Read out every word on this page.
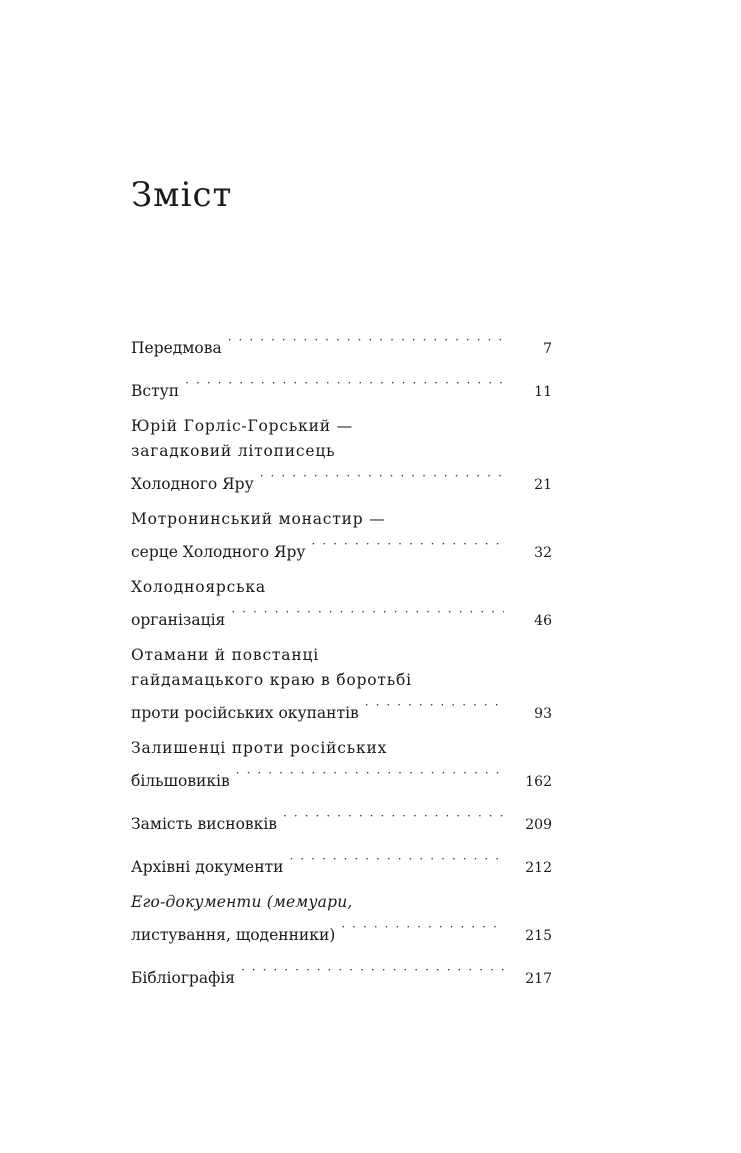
Зміст
Передмова · · ·	7
Вступ · · ·	11
Юрій Горліс-Горський —
загадковий літописець
Холодного Яру · · ·	21
Мотронинський монастир —
серце Холодного Яру · · ·	32
Холодноярська
організація · · ·	46
Отамани й повстанці
гайдамацького краю в боротьбі
проти російських окупантів · · ·	93
Залишенці проти російських
більшовиків · · ·	162
Замість висновків · · ·	209
Архівні документи · · ·	212
Его-документи (мемуари,
листування, щоденники) · · ·	215
Бібліографія · · ·	217
